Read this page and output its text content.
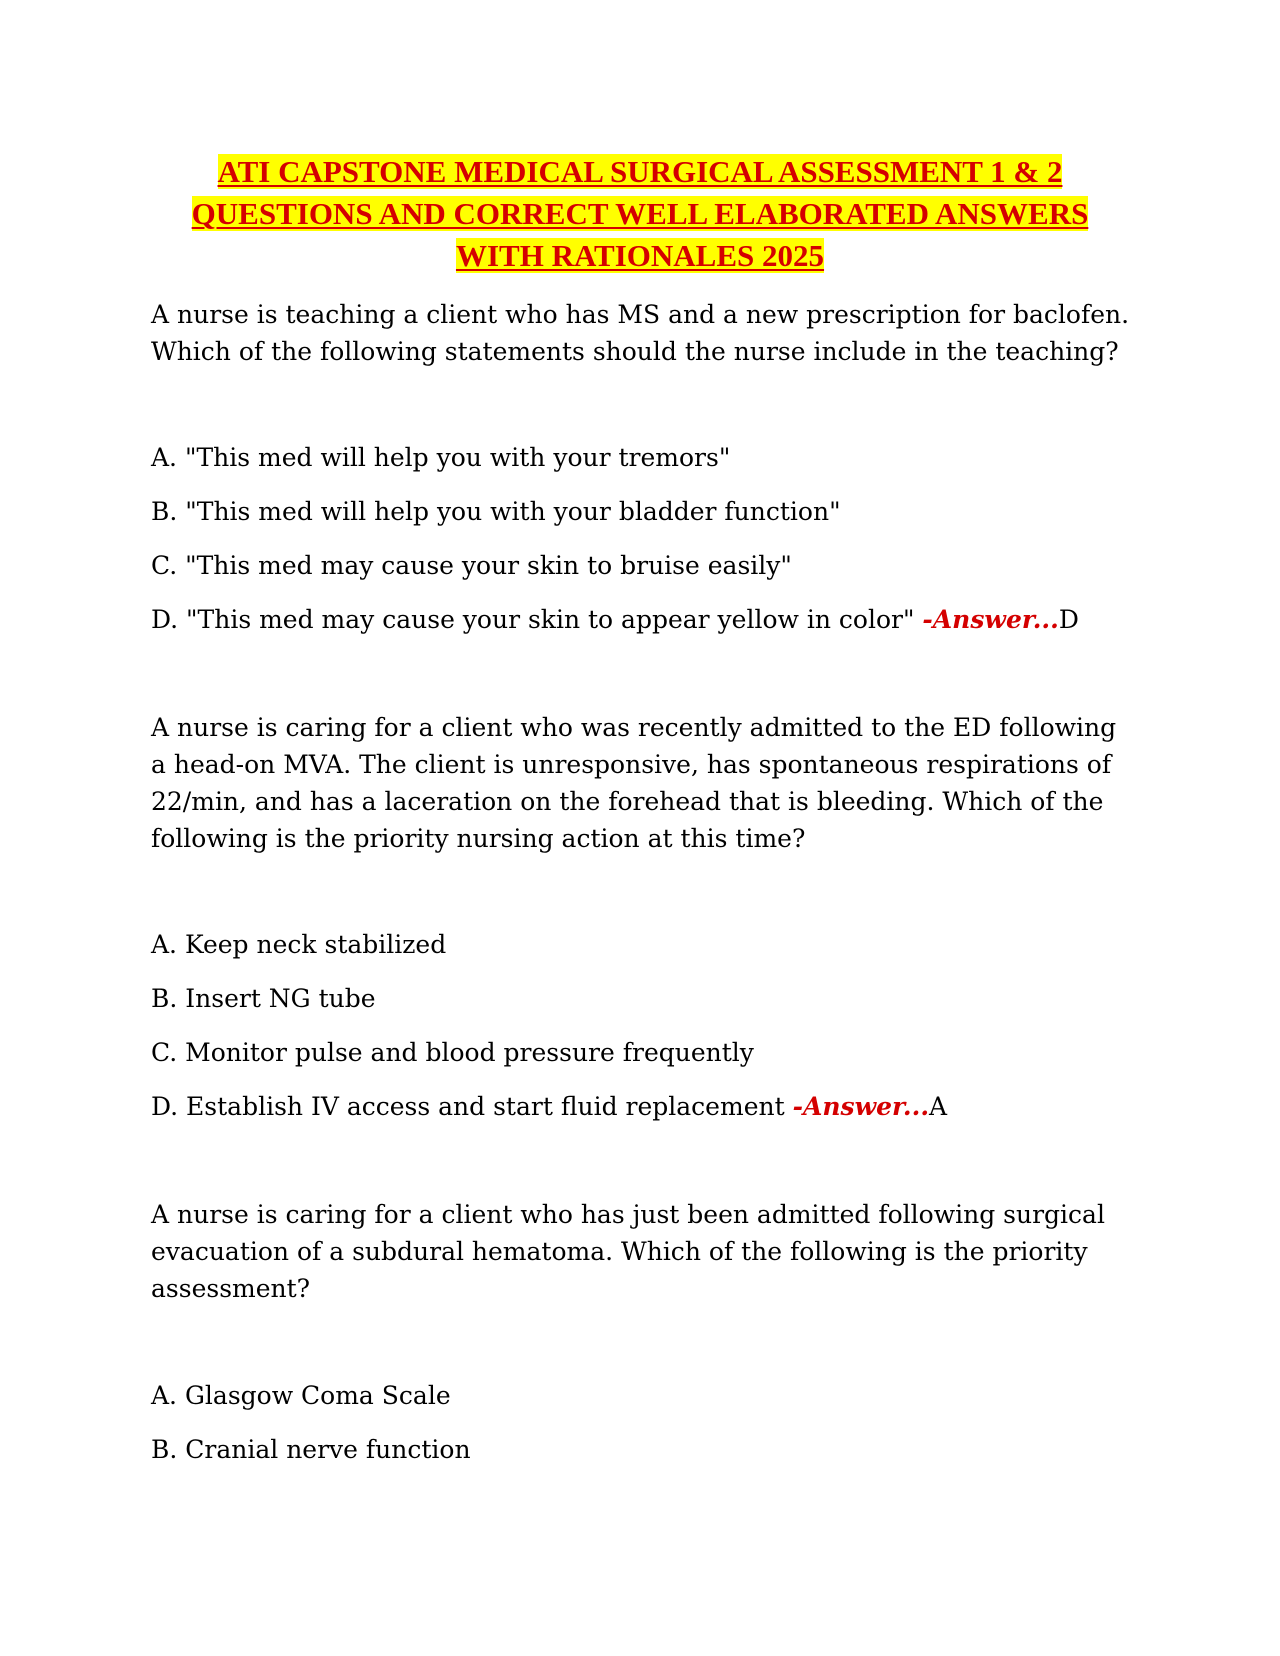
ATI CAPSTONE MEDICAL SURGICAL ASSESSMENT 1 & 2
QUESTIONS AND CORRECT WELL ELABORATED ANSWERS
WITH RATIONALES 2025
A nurse is teaching a client who has MS and a new prescription for baclofen. Which of the following statements should the nurse include in the teaching?
A. "This med will help you with your tremors"
B. "This med will help you with your bladder function"
C. "This med may cause your skin to bruise easily"
D. "This med may cause your skin to appear yellow in color" -Answer...D
A nurse is caring for a client who was recently admitted to the ED following a head-on MVA. The client is unresponsive, has spontaneous respirations of 22/min, and has a laceration on the forehead that is bleeding. Which of the following is the priority nursing action at this time?
A. Keep neck stabilized
B. Insert NG tube
C. Monitor pulse and blood pressure frequently
D. Establish IV access and start fluid replacement -Answer...A
A nurse is caring for a client who has just been admitted following surgical evacuation of a subdural hematoma. Which of the following is the priority assessment?
A. Glasgow Coma Scale
B. Cranial nerve function
